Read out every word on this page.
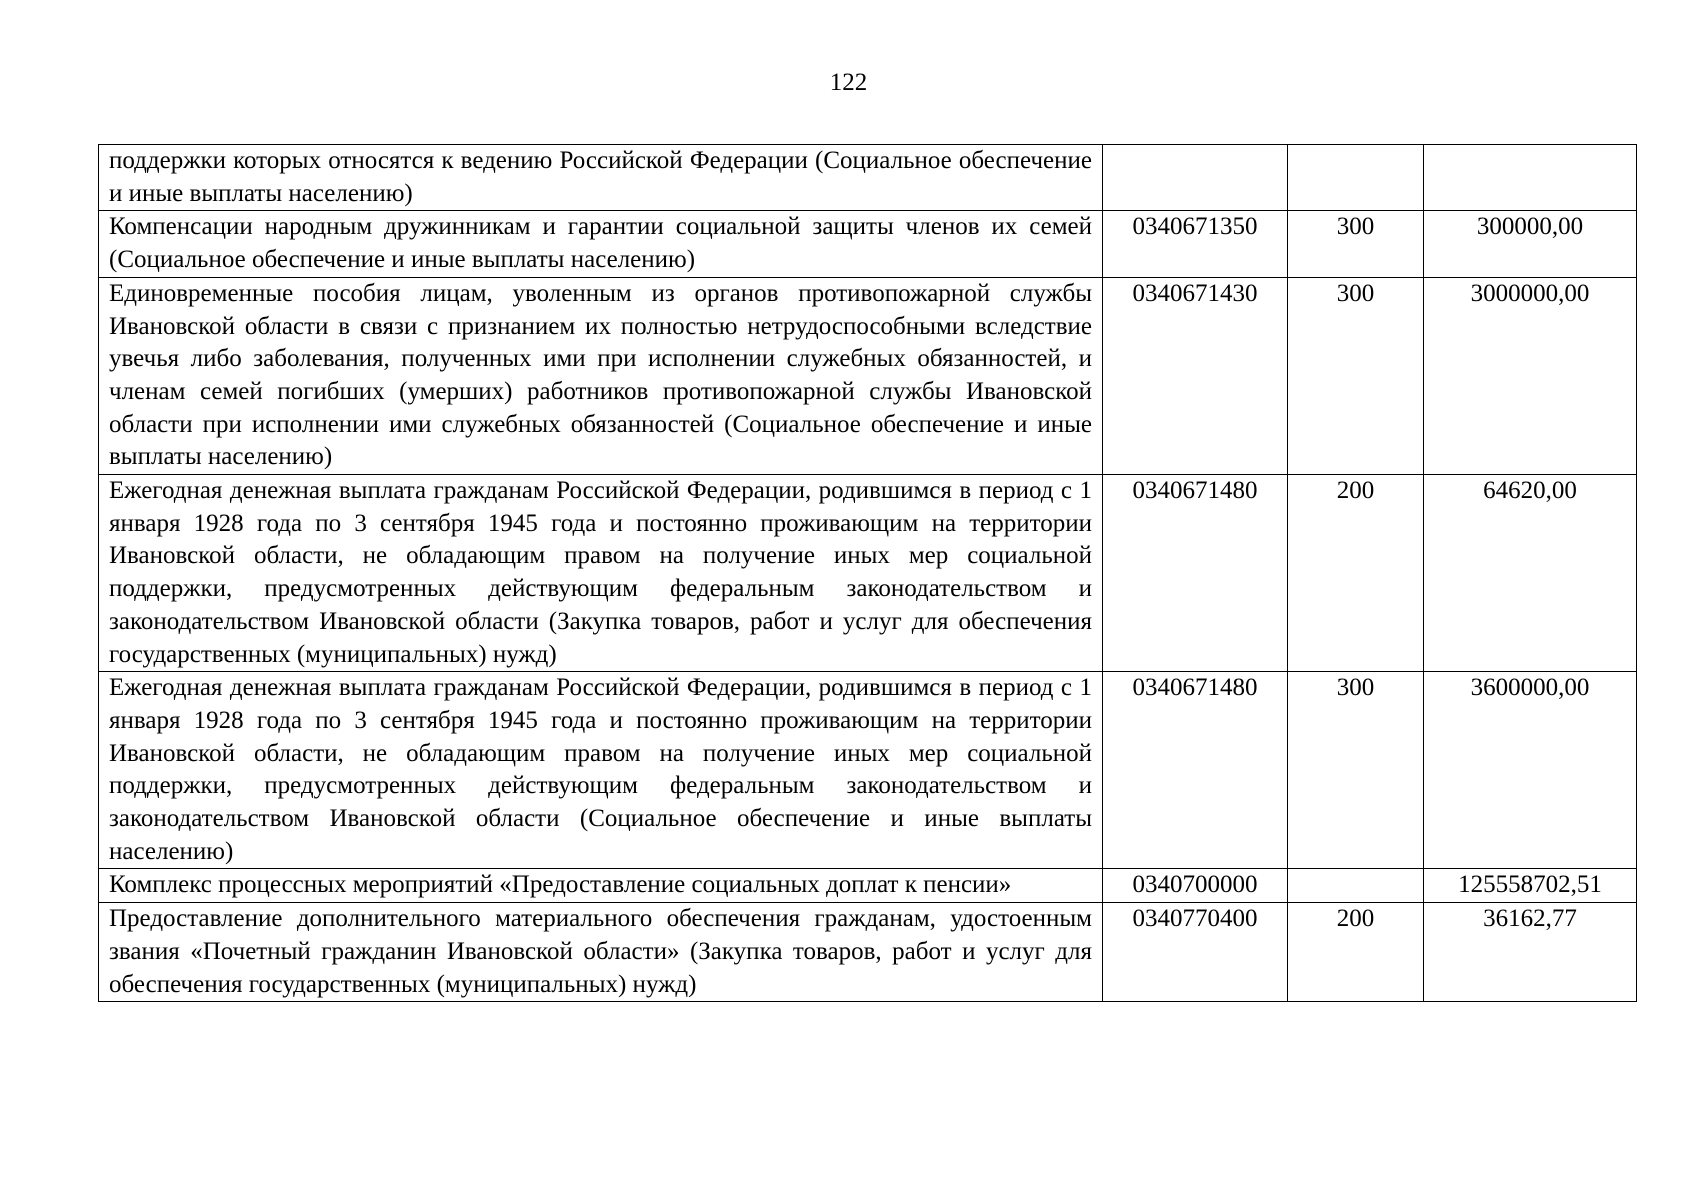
122
поддержки которых относятся к ведению Российской Федерации (Социальное обеспечение и иные выплаты населению)			
Компенсации народным дружинникам и гарантии социальной защиты членов их семей (Социальное обеспечение и иные выплаты населению)	0340671350	300	300000,00
Единовременные пособия лицам, уволенным из органов противопожарной службы Ивановской области в связи с признанием их полностью нетрудоспособными вследствие увечья либо заболевания, полученных ими при исполнении служебных обязанностей, и членам семей погибших (умерших) работников противопожарной службы Ивановской области при исполнении ими служебных обязанностей (Социальное обеспечение и иные выплаты населению)	0340671430	300	3000000,00
Ежегодная денежная выплата гражданам Российской Федерации, родившимся в период с 1 января 1928 года по 3 сентября 1945 года и постоянно проживающим на территории Ивановской области, не обладающим правом на получение иных мер социальной поддержки, предусмотренных действующим федеральным законодательством и законодательством Ивановской области (Закупка товаров, работ и услуг для обеспечения государственных (муниципальных) нужд)	0340671480	200	64620,00
Ежегодная денежная выплата гражданам Российской Федерации, родившимся в период с 1 января 1928 года по 3 сентября 1945 года и постоянно проживающим на территории Ивановской области, не обладающим правом на получение иных мер социальной поддержки, предусмотренных действующим федеральным законодательством и законодательством Ивановской области (Социальное обеспечение и иные выплаты населению)	0340671480	300	3600000,00
Комплекс процессных мероприятий «Предоставление социальных доплат к пенсии»	0340700000		125558702,51
Предоставление дополнительного материального обеспечения гражданам, удостоенным звания «Почетный гражданин Ивановской области» (Закупка товаров, работ и услуг для обеспечения государственных (муниципальных) нужд)	0340770400	200	36162,77
